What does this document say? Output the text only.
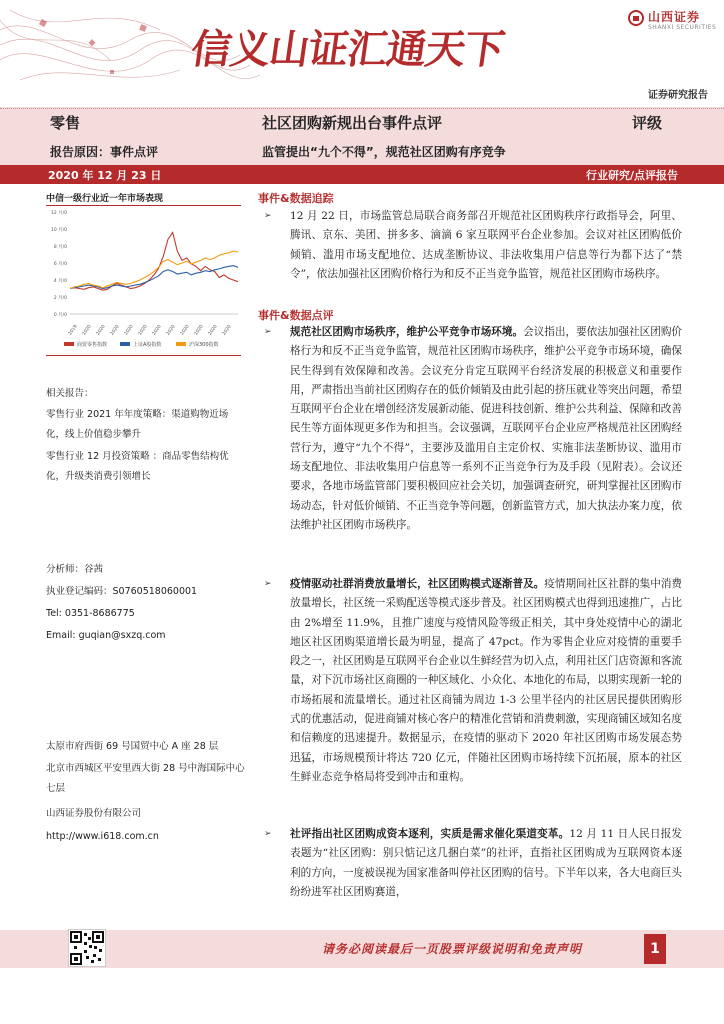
信义山证汇通天下
山西证券
SHANXI SECURITIES
证券研究报告
零售	社区团购新规出台事件点评	评级
报告原因：事件点评	监管提出“九个不得”，规范社区团购有序竞争
2020 年 12 月 23 日	行业研究/点评报告
中信一级行业近一年市场表现
12 月/0
10 月/0
8 月/0
6 月/0
4 月/0
2 月/0
0 月/0
2019 2020 2020 2020 2020 2020 2020 2020 2020 2020 2020 2020
商贸零售指数	上证A股指数	沪深300指数
相关报告：
零售行业 2021 年年度策略：渠道购物近场化，线上价值稳步攀升
零售行业 12 月投资策略 ：商品零售结构优化，升级类消费引领增长
分析师：谷茜
执业登记编码：S0760518060001
Tel: 0351-8686775
Email: guqian@sxzq.com
太原市府西街 69 号国贸中心 A 座 28 层
北京市西城区平安里西大街 28 号中海国际中心七层
山西证券股份有限公司
http://www.i618.com.cn
事件&数据追踪
➢ 12 月 22 日，市场监管总局联合商务部召开规范社区团购秩序行政指导会，阿里、腾讯、京东、美团、拼多多、滴滴 6 家互联网平台企业参加。会议对社区团购低价倾销、滥用市场支配地位、达成垄断协议、非法收集用户信息等行为都下达了“禁令”，依法加强社区团购价格行为和反不正当竞争监管，规范社区团购市场秩序。
事件&数据点评
➢ 规范社区团购市场秩序，维护公平竞争市场环境。会议指出，要依法加强社区团购价格行为和反不正当竞争监管，规范社区团购市场秩序，维护公平竞争市场环境，确保民生得到有效保障和改善。会议充分肯定互联网平台经济发展的积极意义和重要作用，严肃指出当前社区团购存在的低价倾销及由此引起的挤压就业等突出问题，希望互联网平台企业在增创经济发展新动能、促进科技创新、维护公共利益、保障和改善民生等方面体现更多作为和担当。会议强调，互联网平台企业应严格规范社区团购经营行为，遵守“九个不得”，主要涉及滥用自主定价权、实施非法垄断协议、滥用市场支配地位、非法收集用户信息等一系列不正当竞争行为及手段（见附表）。会议还要求，各地市场监管部门要积极回应社会关切，加强调查研究，研判掌握社区团购市场动态，针对低价倾销、不正当竞争等问题，创新监管方式，加大执法办案力度，依法维护社区团购市场秩序。
➢ 疫情驱动社群消费放量增长，社区团购模式逐渐普及。疫情期间社区社群的集中消费放量增长，社区统一采购配送等模式逐步普及。社区团购模式也得到迅速推广，占比由 2%增至 11.9%，且推广速度与疫情风险等级正相关，其中身处疫情中心的湖北地区社区团购渠道增长最为明显，提高了 47pct。作为零售企业应对疫情的重要手段之一，社区团购是互联网平台企业以生鲜经营为切入点，利用社区门店资源和客流量，对下沉市场社区商圈的一种区域化、小众化、本地化的布局，以期实现新一轮的市场拓展和流量增长。通过社区商铺为周边 1-3 公里半径内的社区居民提供团购形式的优惠活动，促进商铺对核心客户的精准化营销和消费刺激，实现商铺区域知名度和信赖度的迅速提升。数据显示，在疫情的驱动下 2020 年社区团购市场发展态势迅猛，市场规模预计将达 720 亿元，伴随社区团购市场持续下沉拓展，原本的社区生鲜业态竞争格局将受到冲击和重构。
➢ 社评指出社区团购成资本逐利，实质是需求催化渠道变革。12 月 11 日人民日报发表题为“社区团购：别只惦记这几捆白菜”的社评，直指社区团购成为互联网资本逐利的方向，一度被误视为国家准备叫停社区团购的信号。下半年以来，各大电商巨头纷纷进军社区团购赛道，
请务必阅读最后一页股票评级说明和免责声明	1
